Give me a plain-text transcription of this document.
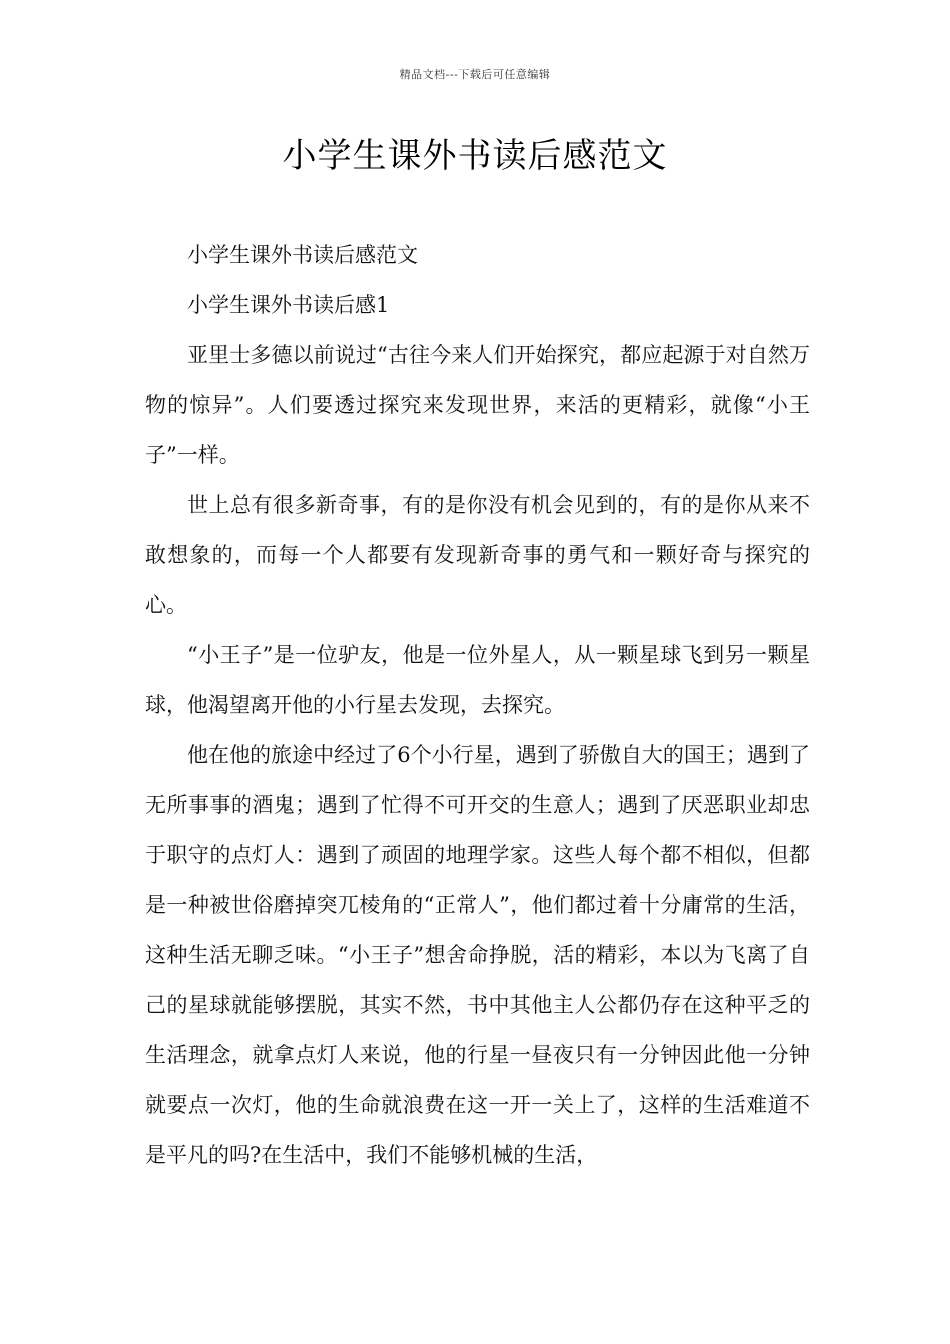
精品文档---下载后可任意编辑
小学生课外书读后感范文

小学生课外书读后感范文

小学生课外书读后感1

亚里士多德以前说过“古往今来人们开始探究，都应起源于对自然万物的惊异”。人们要透过探究来发现世界，来活的更精彩，就像“小王子”一样。

世上总有很多新奇事，有的是你没有机会见到的，有的是你从来不敢想象的，而每一个人都要有发现新奇事的勇气和一颗好奇与探究的心。

“小王子”是一位驴友，他是一位外星人，从一颗星球飞到另一颗星球，他渴望离开他的小行星去发现，去探究。

他在他的旅途中经过了6个小行星，遇到了骄傲自大的国王；遇到了无所事事的酒鬼；遇到了忙得不可开交的生意人；遇到了厌恶职业却忠于职守的点灯人：遇到了顽固的地理学家。这些人每个都不相似，但都是一种被世俗磨掉突兀棱角的“正常人”，他们都过着十分庸常的生活，这种生活无聊乏味。“小王子”想舍命挣脱，活的精彩，本以为飞离了自己的星球就能够摆脱，其实不然，书中其他主人公都仍存在这种平乏的生活理念，就拿点灯人来说，他的行星一昼夜只有一分钟因此他一分钟就要点一次灯，他的生命就浪费在这一开一关上了，这样的生活难道不是平凡的吗?在生活中，我们不能够机械的生活，
